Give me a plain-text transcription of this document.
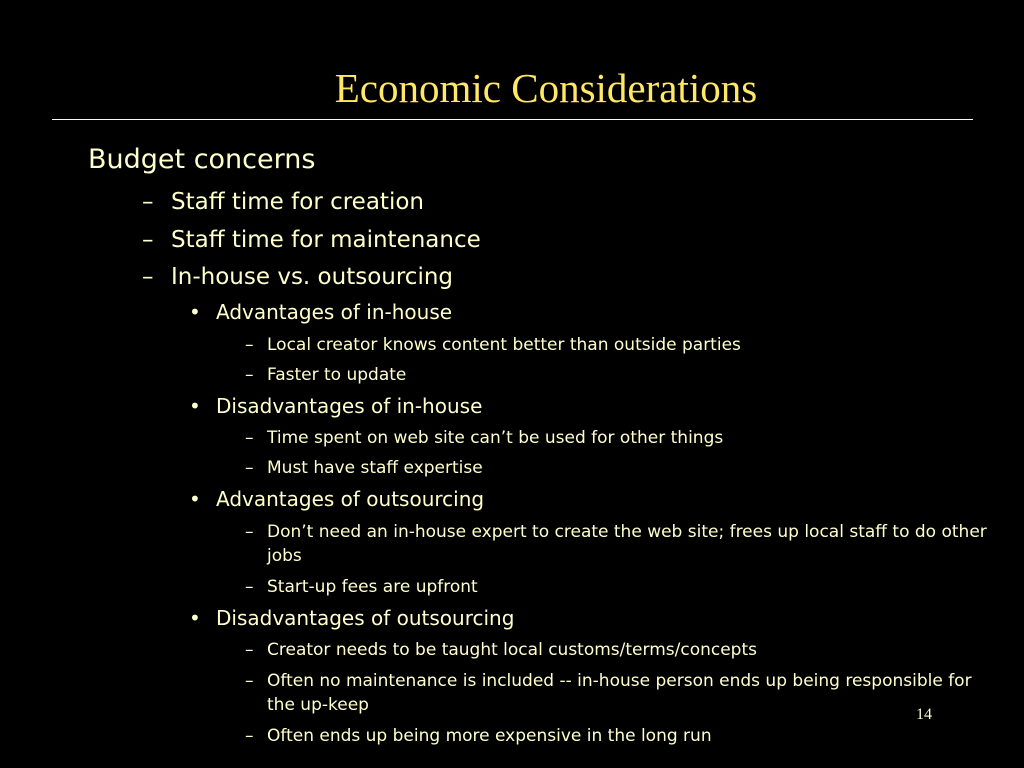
Economic Considerations
Budget concerns
– Staff time for creation
– Staff time for maintenance
– In-house vs. outsourcing
• Advantages of in-house
– Local creator knows content better than outside parties
– Faster to update
• Disadvantages of in-house
– Time spent on web site can’t be used for other things
– Must have staff expertise
• Advantages of outsourcing
– Don’t need an in-house expert to create the web site; frees up local staff to do other jobs
– Start-up fees are upfront
• Disadvantages of outsourcing
– Creator needs to be taught local customs/terms/concepts
– Often no maintenance is included -- in-house person ends up being responsible for the up-keep
– Often ends up being more expensive in the long run
14
